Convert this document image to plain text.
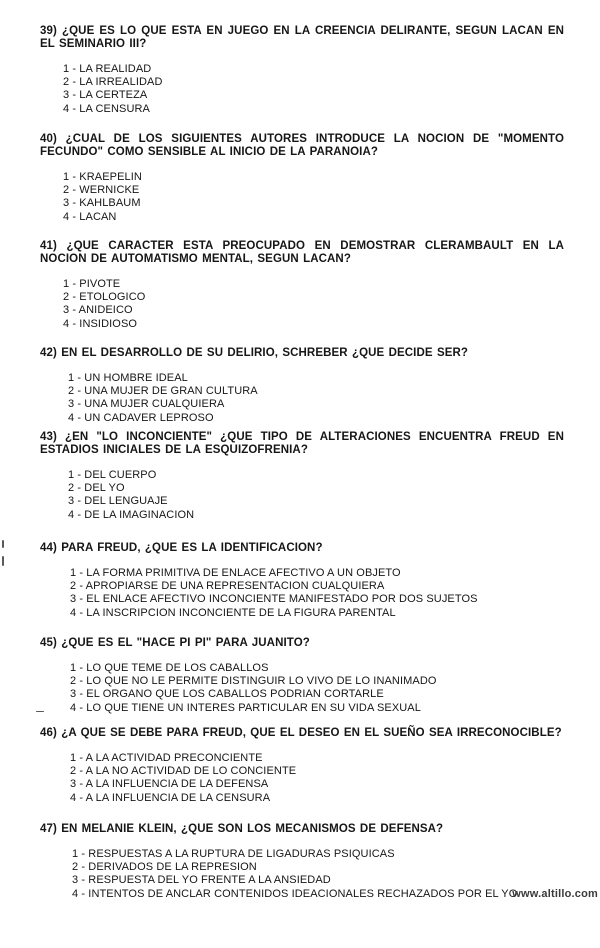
39) ¿QUE ES LO QUE ESTA EN JUEGO EN LA CREENCIA DELIRANTE, SEGUN LACAN EN EL SEMINARIO III?

1 - LA REALIDAD
2 - LA IRREALIDAD
3 - LA CERTEZA
4 - LA CENSURA

40) ¿CUAL DE LOS SIGUIENTES AUTORES INTRODUCE LA NOCION DE "MOMENTO FECUNDO" COMO SENSIBLE AL INICIO DE LA PARANOIA?

1 - KRAEPELIN
2 - WERNICKE
3 - KAHLBAUM
4 - LACAN

41) ¿QUE CARACTER ESTA PREOCUPADO EN DEMOSTRAR CLERAMBAULT EN LA NOCION DE AUTOMATISMO MENTAL, SEGUN LACAN?

1 - PIVOTE
2 - ETOLOGICO
3 - ANIDEICO
4 - INSIDIOSO

42) EN EL DESARROLLO DE SU DELIRIO, SCHREBER ¿QUE DECIDE SER?

1 - UN HOMBRE IDEAL
2 - UNA MUJER DE GRAN CULTURA
3 - UNA MUJER CUALQUIERA
4 - UN CADAVER LEPROSO

43) ¿EN "LO INCONCIENTE" ¿QUE TIPO DE ALTERACIONES ENCUENTRA FREUD EN ESTADIOS INICIALES DE LA ESQUIZOFRENIA?

1 - DEL CUERPO
2 - DEL YO
3 - DEL LENGUAJE
4 - DE LA IMAGINACION

44) PARA FREUD, ¿QUE ES LA IDENTIFICACION?

1 - LA FORMA PRIMITIVA DE ENLACE AFECTIVO A UN OBJETO
2 - APROPIARSE DE UNA REPRESENTACION CUALQUIERA
3 - EL ENLACE AFECTIVO INCONCIENTE MANIFESTADO POR DOS SUJETOS
4 - LA INSCRIPCION INCONCIENTE DE LA FIGURA PARENTAL

45) ¿QUE ES EL "HACE PI PI" PARA JUANITO?

1 - LO QUE TEME DE LOS CABALLOS
2 - LO QUE NO LE PERMITE DISTINGUIR LO VIVO DE LO INANIMADO
3 - EL ORGANO QUE LOS CABALLOS PODRIAN CORTARLE
4 - LO QUE TIENE UN INTERES PARTICULAR EN SU VIDA SEXUAL

46) ¿A QUE SE DEBE PARA FREUD, QUE EL DESEO EN EL SUEÑO SEA IRRECONOCIBLE?

1 - A LA ACTIVIDAD PRECONCIENTE
2 - A LA NO ACTIVIDAD DE LO CONCIENTE
3 - A LA INFLUENCIA DE LA DEFENSA
4 - A LA INFLUENCIA DE LA CENSURA

47) EN MELANIE KLEIN, ¿QUE SON LOS MECANISMOS DE DEFENSA?

1 - RESPUESTAS A LA RUPTURA DE LIGADURAS PSIQUICAS
2 - DERIVADOS DE LA REPRESION
3 - RESPUESTA DEL YO FRENTE A LA ANSIEDAD
4 - INTENTOS DE ANCLAR CONTENIDOS IDEACIONALES RECHAZADOS POR EL YO
www.altillo.com
